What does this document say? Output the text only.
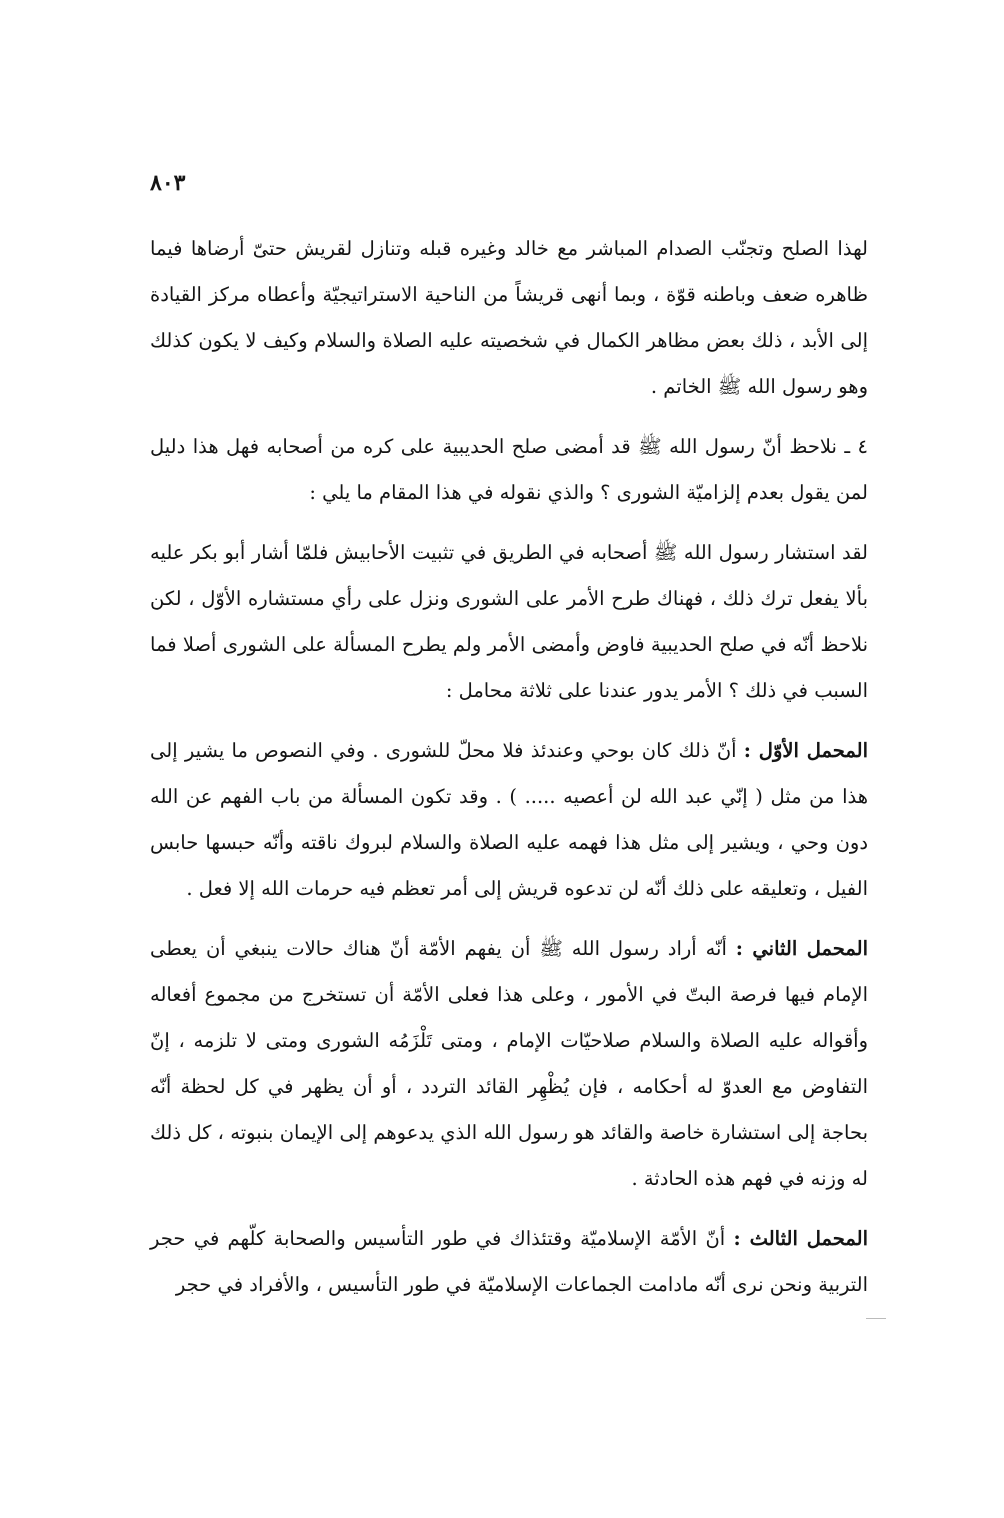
٨٠٣

لهذا الصلح وتجنّب الصدام المباشر مع خالد وغيره قبله وتنازل لقريش حتىّ أرضاها فيما ظاهره ضعف وباطنه قوّة ، وبما أنهى قريشاً من الناحية الاستراتيجيّة وأعطاه مركز القيادة إلى الأبد ، ذلك بعض مظاهر الكمال في شخصيته عليه الصلاة والسلام وكيف لا يكون كذلك وهو رسول الله ﷺ الخاتم .

٤ ـ نلاحظ أنّ رسول الله ﷺ قد أمضى صلح الحديبية على كره من أصحابه فهل هذا دليل لمن يقول بعدم إلزاميّة الشورى ؟ والذي نقوله في هذا المقام ما يلي :

لقد استشار رسول الله ﷺ أصحابه في الطريق في تثبيت الأحابيش فلمّا أشار أبو بكر عليه بألا يفعل ترك ذلك ، فهناك طرح الأمر على الشورى ونزل على رأي مستشاره الأوّل ، لكن نلاحظ أنّه في صلح الحديبية فاوض وأمضى الأمر ولم يطرح المسألة على الشورى أصلا فما السبب في ذلك ؟ الأمر يدور عندنا على ثلاثة محامل :

المحمل الأوّل : أنّ ذلك كان بوحي وعندئذ فلا محلّ للشورى . وفي النصوص ما يشير إلى هذا من مثل ( إنّي عبد الله لن أعصيه ..... ) . وقد تكون المسألة من باب الفهم عن الله دون وحي ، ويشير إلى مثل هذا فهمه عليه الصلاة والسلام لبروك ناقته وأنّه حبسها حابس الفيل ، وتعليقه على ذلك أنّه لن تدعوه قريش إلى أمر تعظم فيه حرمات الله إلا فعل .

المحمل الثاني : أنّه أراد رسول الله ﷺ أن يفهم الأمّة أنّ هناك حالات ينبغي أن يعطى الإمام فيها فرصة البتّ في الأمور ، وعلى هذا فعلى الأمّة أن تستخرج من مجموع أفعاله وأقواله عليه الصلاة والسلام صلاحيّات الإمام ، ومتى تَلْزَمُه الشورى ومتى لا تلزمه ، إنّ التفاوض مع العدوّ له أحكامه ، فإن يُظْهِر القائد التردد ، أو أن يظهر في كل لحظة أنّه بحاجة إلى استشارة خاصة والقائد هو رسول الله الذي يدعوهم إلى الإيمان بنبوته ، كل ذلك له وزنه في فهم هذه الحادثة .

المحمل الثالث : أنّ الأمّة الإسلاميّة وقتئذاك في طور التأسيس والصحابة كلّهم في حجر التربية ونحن نرى أنّه مادامت الجماعات الإسلاميّة في طور التأسيس ، والأفراد في حجر
